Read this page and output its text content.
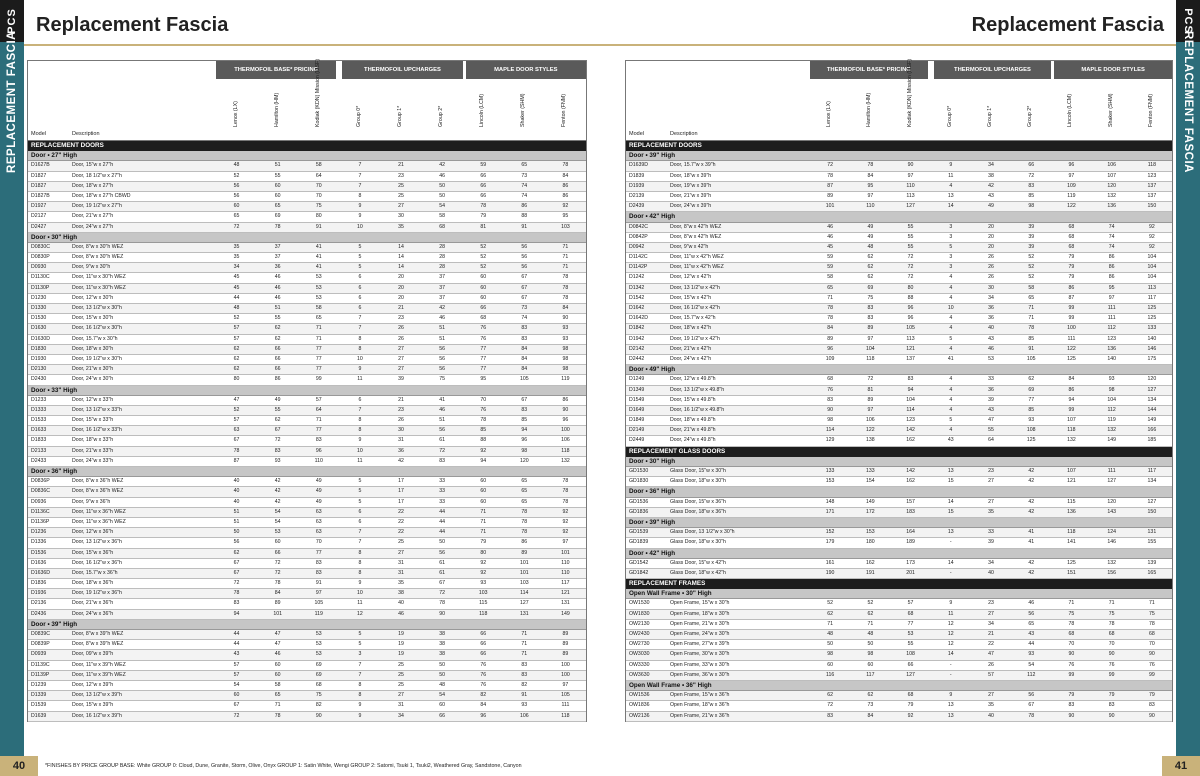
PCS
REPLACEMENT FASCIA
Replacement Fascia
THERMOFOIL BASE* PRICING	THERMOFOIL UPCHARGES	MAPLE DOOR STYLES
Lenox (LX)	Hamilton (HM)	Kodiak (KDN) Mission (MSF)	Group 0*	Group 1*	Group 2*	Lincoln (LCM)	Shaker (SHM)	Fenton (FNM)
Model	Description
REPLACEMENT DOORS
Door • 27" High
D1627B	Door, 15"w x 27"h	48	51	58	7	21	42	59	65	78
D1827	Door, 18 1/2"w x 27"h	52	55	64	7	23	46	66	73	84
D1827	Door, 18"w x 27"h	56	60	70	7	25	50	66	74	86
D1827B	Door, 18"w x 27"h CBWD	56	60	70	8	25	50	66	74	86
D1927	Door, 19 1/2"w x 27"h	60	65	75	9	27	54	78	86	92
D2127	Door, 21"w x 27"h	65	69	80	9	30	58	79	88	95
D2427	Door, 24"w x 27"h	72	78	91	10	35	68	81	91	103
Door • 30" High
D0830C	Door, 8"w x 30"h WEZ	35	37	41	5	14	28	52	56	71
D0830P	Door, 8"w x 30"h WEZ	35	37	41	5	14	28	52	56	71
D0930	Door, 9"w x 30"h	34	36	41	5	14	28	52	56	71
D1130C	Door, 11"w x 30"h WEZ	45	46	53	6	20	37	60	67	78
D1130P	Door, 11"w x 30"h WEZ	45	46	53	6	20	37	60	67	78
D1230	Door, 12"w x 30"h	44	46	53	6	20	37	60	67	78
D1330	Door, 13 1/2"w x 30"h	48	51	58	6	21	42	66	73	84
D1530	Door, 15"w x 30"h	52	55	65	7	23	46	68	74	90
D1630	Door, 16 1/2"w x 30"h	57	62	71	7	26	51	76	83	93
D1630D	Door, 15.7"w x 30"h	57	62	71	8	26	51	76	83	93
D1830	Door, 18"w x 30"h	62	66	77	8	27	56	77	84	98
D1930	Door, 19 1/2"w x 30"h	62	66	77	10	27	56	77	84	98
D2130	Door, 21"w x 30"h	62	66	77	9	27	56	77	84	98
D2430	Door, 24"w x 30"h	80	86	99	11	39	75	95	105	119
Door • 33" High
D1233	Door, 12"w x 33"h	47	49	57	6	21	41	70	67	86
D1333	Door, 13 1/2"w x 33"h	52	55	64	7	23	46	76	83	90
D1533	Door, 15"w x 33"h	57	62	71	8	26	51	78	85	96
D1633	Door, 16 1/2"w x 33"h	63	67	77	8	30	56	85	94	100
D1833	Door, 18"w x 33"h	67	72	83	9	31	61	88	96	106
D2133	Door, 21"w x 33"h	78	83	96	10	36	72	92	98	118
D2433	Door, 24"w x 33"h	87	93	110	11	42	83	94	120	132
Door • 36" High
D0836P	Door, 8"w x 36"h WEZ	40	42	49	5	17	33	60	65	78
D0836C	Door, 8"w x 36"h WEZ	40	42	49	5	17	33	60	65	78
D0936	Door, 9"w x 36"h	40	42	49	5	17	33	60	65	78
D1136C	Door, 11"w x 36"h WEZ	51	54	63	6	22	44	71	78	92
D1136P	Door, 11"w x 36"h WEZ	51	54	63	6	22	44	71	78	92
D1236	Door, 12"w x 36"h	50	53	63	7	22	44	71	78	92
D1336	Door, 13 1/2"w x 36"h	56	60	70	7	25	50	79	86	97
D1536	Door, 15"w x 36"h	62	66	77	8	27	56	80	89	101
D1636	Door, 16 1/2"w x 36"h	67	72	83	8	31	61	92	101	110
D1636D	Door, 15.7"w x 36"h	67	72	83	8	31	61	92	101	110
D1836	Door, 18"w x 36"h	72	78	91	9	35	67	93	103	117
D1936	Door, 19 1/2"w x 36"h	78	84	97	10	38	72	103	114	121
D2136	Door, 21"w x 36"h	83	89	105	11	40	78	115	127	131
D2436	Door, 24"w x 36"h	94	101	119	12	46	90	118	131	149
Door • 39" High
D0839C	Door, 8"w x 39"h WEZ	44	47	53	5	19	38	66	71	89
D0839P	Door, 8"w x 39"h WEZ	44	47	53	5	19	38	66	71	89
D0939	Door, 09"w x 39"h	43	46	53	3	19	38	66	71	89
D1139C	Door, 11"w x 39"h WEZ	57	60	69	7	25	50	76	83	100
D1139P	Door, 11"w x 39"h WEZ	57	60	69	7	25	50	76	83	100
D1239	Door, 12"w x 39"h	54	58	68	8	25	48	76	82	97
D1339	Door, 13 1/2"w x 39"h	60	65	75	8	27	54	82	91	105
D1539	Door, 15"w x 39"h	67	71	82	9	31	60	84	93	111
D1639	Door, 16 1/2"w x 39"h	72	78	90	9	34	66	96	106	118
*FINISHES BY PRICE GROUP BASE: White GROUP 0: Cloud, Dune, Granite, Storm, Olive, Onyx GROUP 1: Satin White, Wengi GROUP 2: Satomi, Tsuki 1, Tsuki2, Weathered Gray, Sandstone, Canyon
40
PCS
REPLACEMENT FASCIA
Replacement Fascia
THERMOFOIL BASE* PRICING	THERMOFOIL UPCHARGES	MAPLE DOOR STYLES
Lenox (LX)	Hamilton (HM)	Kodiak (KDN) Mission (MSF)	Group 0*	Group 1*	Group 2*	Lincoln (LCM)	Shaker (SHM)	Fenton (FNM)
Model	Description
REPLACEMENT DOORS
Door • 39" High
D1639D	Door, 15.7"w x 39"h	72	78	90	9	34	66	96	106	118
D1839	Door, 18"w x 39"h	78	84	97	11	38	72	97	107	123
D1939	Door, 19"w x 39"h	87	95	110	4	42	83	109	120	137
D2139	Door, 21"w x 39"h	89	97	113	13	43	85	119	132	137
D2439	Door, 24"w x 39"h	101	110	127	14	49	98	122	136	150
Door • 42" High
D0842C	Door, 8"w x 42"h WEZ	46	49	55	3	20	39	68	74	92
D0842P	Door, 8"w x 42"h WEZ	46	49	55	3	20	39	68	74	92
D0942	Door, 9"w x 42"h	45	48	55	5	20	39	68	74	92
D1142C	Door, 11"w x 42"h WEZ	59	62	72	3	26	52	79	86	104
D1142P	Door, 11"w x 42"h WEZ	59	62	72	3	26	52	79	86	104
D1242	Door, 12"w x 42"h	58	62	72	4	26	52	79	86	104
D1342	Door, 13 1/2"w x 42"h	65	69	80	4	30	58	86	95	113
D1542	Door, 15"w x 42"h	71	75	88	4	34	65	87	97	117
D1642	Door, 16 1/2"w x 42"h	78	83	96	10	36	71	99	111	125
D1642D	Door, 15.7"w x 42"h	78	83	96	4	36	71	99	111	125
D1842	Door, 18"w x 42"h	84	89	105	4	40	78	100	112	133
D1942	Door, 19 1/2"w x 42"h	89	97	113	5	43	85	111	123	140
D2142	Door, 21"w x 42"h	96	104	121	4	46	91	122	136	146
D2442	Door, 24"w x 42"h	109	118	137	41	53	105	125	140	175
Door • 49" High
D1249	Door, 12"w x 49.8"h	68	72	83	4	33	62	84	93	120
D1349	Door, 13 1/2"w x 49.8"h	76	81	94	4	36	69	86	98	127
D1549	Door, 15"w x 49.8"h	83	89	104	4	39	77	94	104	134
D1649	Door, 16 1/2"w x 49.8"h	90	97	114	4	43	85	99	112	144
D1849	Door, 18"w x 49.8"h	98	106	123	5	47	93	107	119	149
D2149	Door, 21"w x 49.8"h	114	122	142	4	55	108	118	132	166
D2449	Door, 24"w x 49.8"h	129	138	162	43	64	125	132	149	185
REPLACEMENT GLASS DOORS
Door • 30" High
GD1530	Glass Door, 15"w x 30"h	133	133	142	13	23	42	107	111	117
GD1830	Glass Door, 18"w x 30"h	153	154	162	15	27	42	121	127	134
Door • 36" High
GD1536	Glass Door, 15"w x 36"h	148	149	157	14	27	42	115	120	127
GD1836	Glass Door, 18"w x 36"h	171	172	183	15	35	42	136	143	150
Door • 39" High
GD1539	Glass Door, 13 1/2"w x 30"h	152	153	164	13	33	41	118	124	131
GD1839	Glass Door, 18"w x 30"h	179	180	189	-	39	41	141	146	155
Door • 42" High
GD1542	Glass Door, 15"w x 42"h	161	162	173	14	34	42	125	132	139
GD1842	Glass Door, 18"w x 42"h	190	191	201	-	40	42	151	156	165
REPLACEMENT FRAMES
Open Wall Frame • 30" High
OW1530	Open Frame, 15"w x 30"h	52	52	57	9	23	46	71	71	71
OW1830	Open Frame, 18"w x 30"h	62	62	68	11	27	56	75	75	75
OW2130	Open Frame, 21"w x 30"h	71	71	77	12	34	65	78	78	78
OW2430	Open Frame, 24"w x 30"h	48	48	53	12	21	43	68	68	68
OW2730	Open Frame, 27"w x 39"h	50	50	55	12	22	44	70	70	70
OW3030	Open Frame, 30"w x 30"h	98	98	108	14	47	93	90	90	90
OW3330	Open Frame, 33"w x 30"h	60	60	66	-	26	54	76	76	76
OW3630	Open Frame, 36"w x 30"h	116	117	127	-	57	112	99	99	99
Open Wall Frame • 36" High
OW1536	Open Frame, 15"w x 36"h	62	62	68	9	27	56	79	79	79
OW1836	Open Frame, 18"w x 36"h	72	73	79	13	35	67	83	83	83
OW2136	Open Frame, 21"w x 36"h	83	84	92	13	40	78	90	90	90
41
